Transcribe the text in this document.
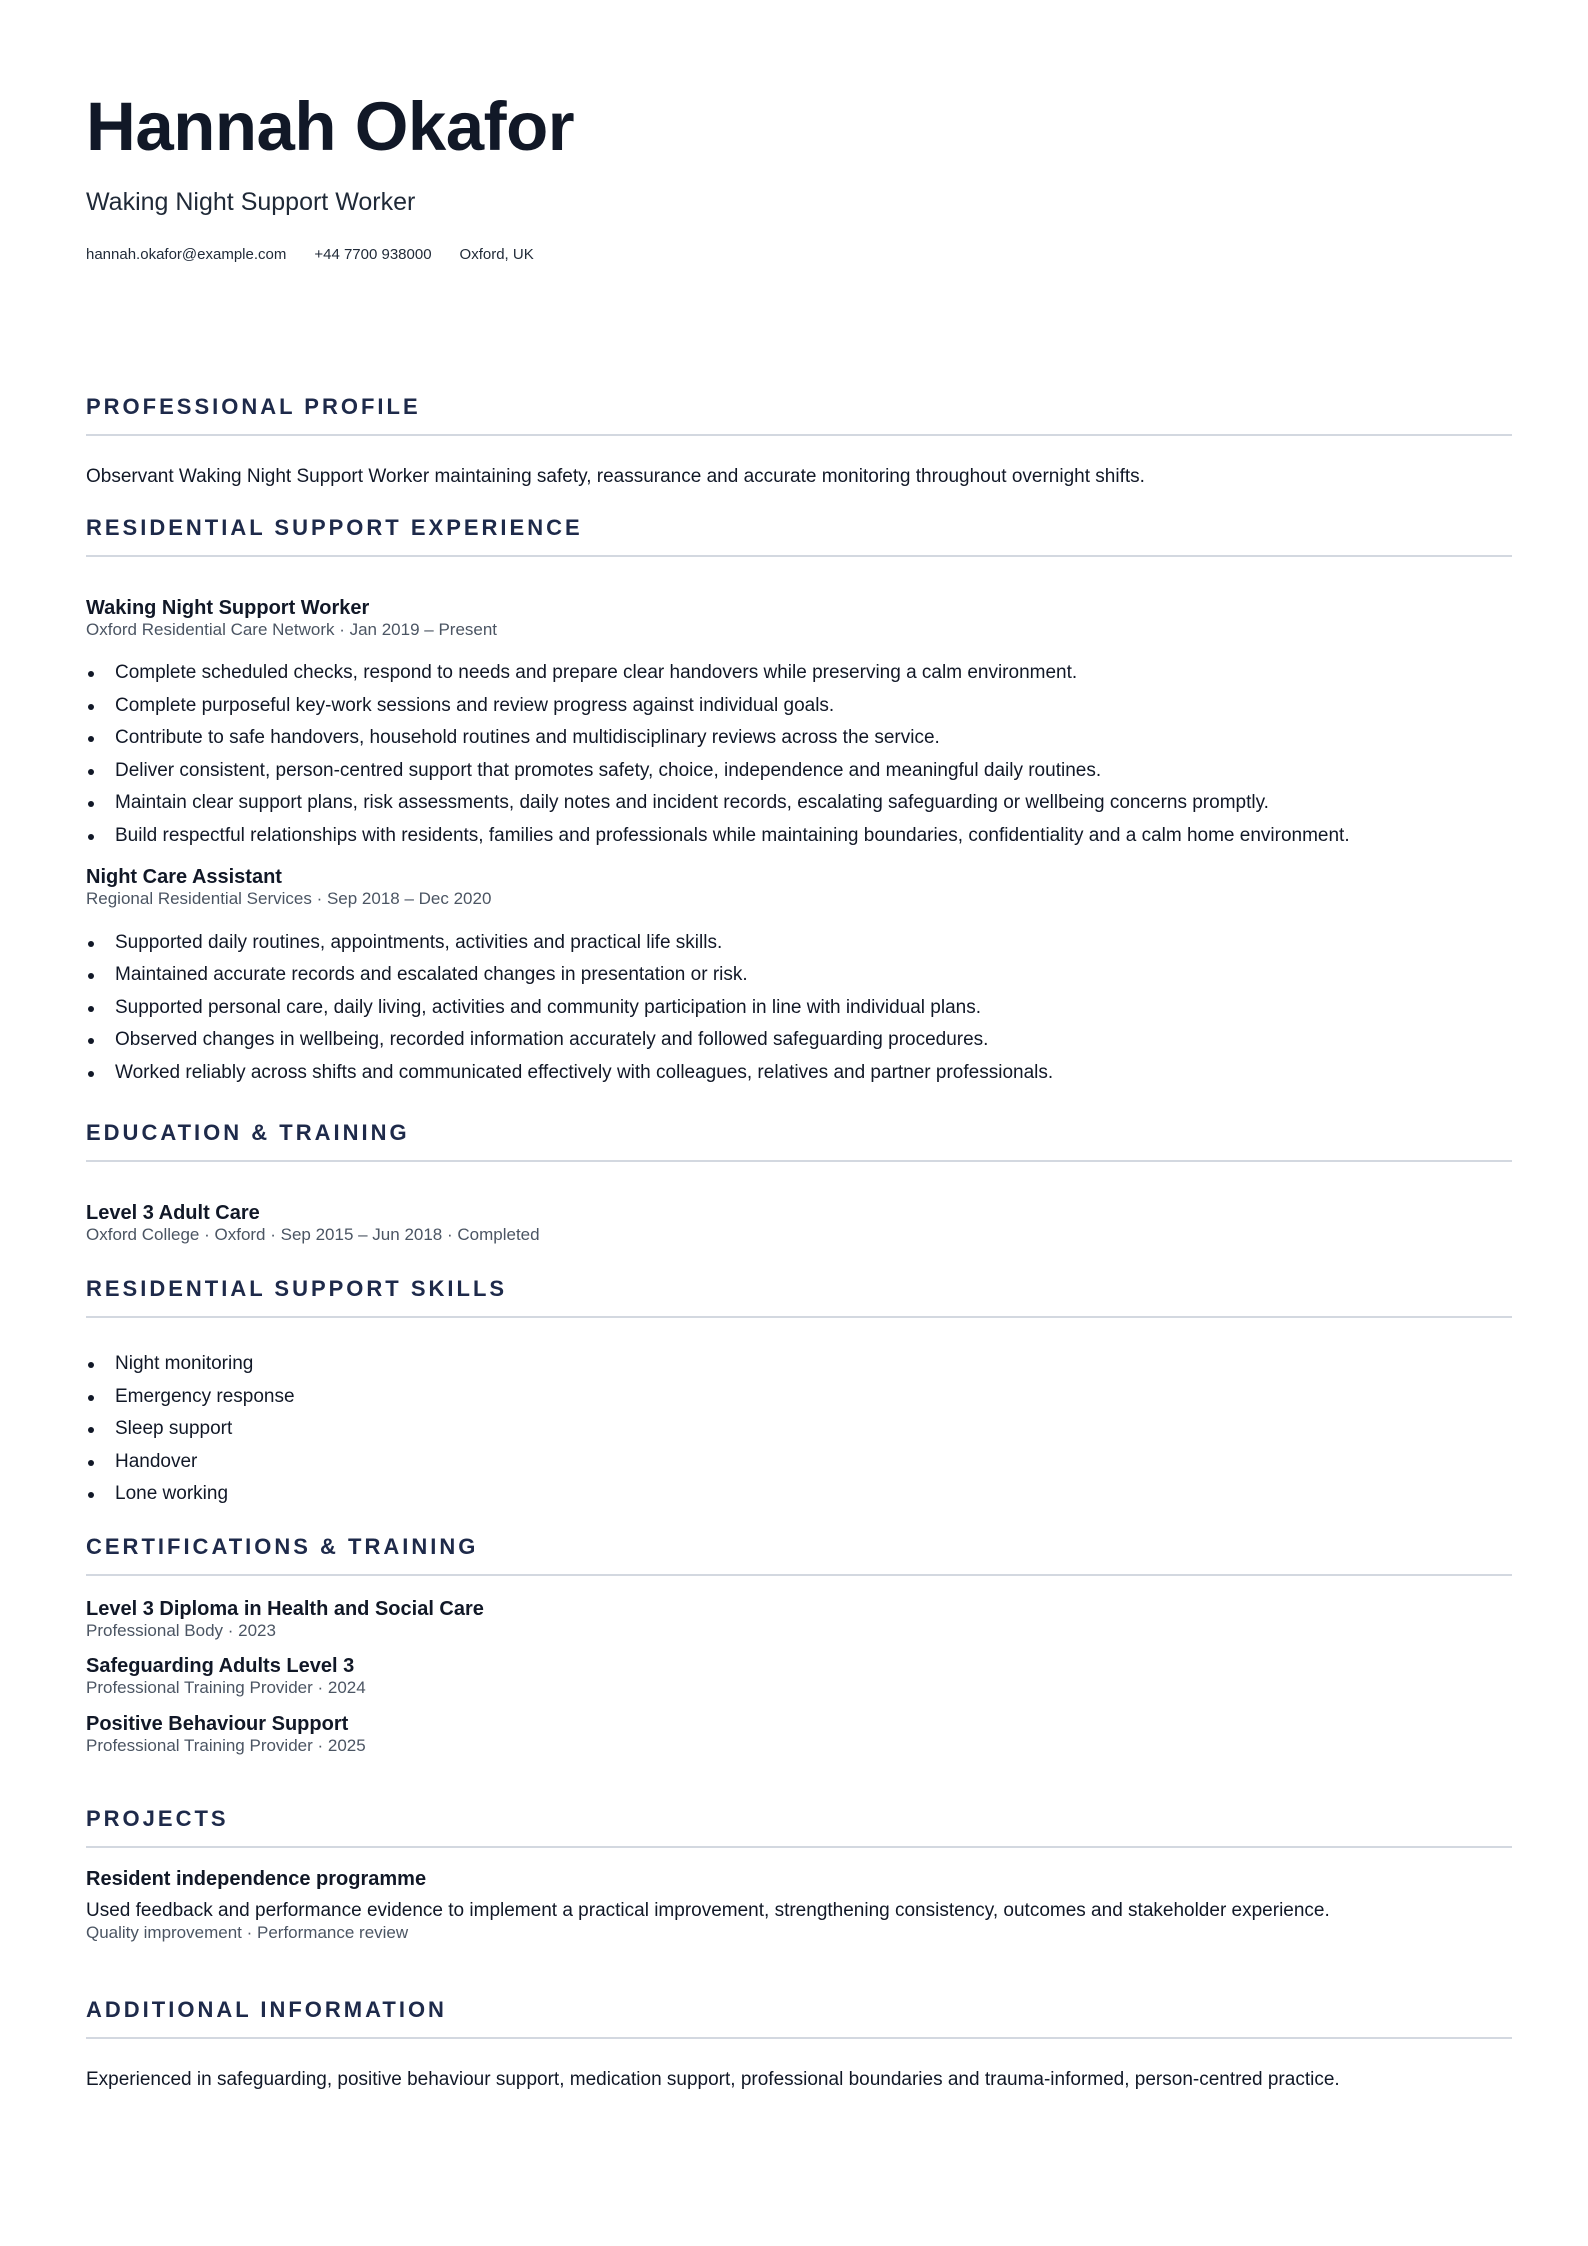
Hannah Okafor
Waking Night Support Worker
hannah.okafor@example.com +44 7700 938000 Oxford, UK
PROFESSIONAL PROFILE
Observant Waking Night Support Worker maintaining safety, reassurance and accurate monitoring throughout overnight shifts.
RESIDENTIAL SUPPORT EXPERIENCE
Waking Night Support Worker
Oxford Residential Care Network · Jan 2019 – Present
Complete scheduled checks, respond to needs and prepare clear handovers while preserving a calm environment.
Complete purposeful key-work sessions and review progress against individual goals.
Contribute to safe handovers, household routines and multidisciplinary reviews across the service.
Deliver consistent, person-centred support that promotes safety, choice, independence and meaningful daily routines.
Maintain clear support plans, risk assessments, daily notes and incident records, escalating safeguarding or wellbeing concerns promptly.
Build respectful relationships with residents, families and professionals while maintaining boundaries, confidentiality and a calm home environment.
Night Care Assistant
Regional Residential Services · Sep 2018 – Dec 2020
Supported daily routines, appointments, activities and practical life skills.
Maintained accurate records and escalated changes in presentation or risk.
Supported personal care, daily living, activities and community participation in line with individual plans.
Observed changes in wellbeing, recorded information accurately and followed safeguarding procedures.
Worked reliably across shifts and communicated effectively with colleagues, relatives and partner professionals.
EDUCATION & TRAINING
Level 3 Adult Care
Oxford College · Oxford · Sep 2015 – Jun 2018 · Completed
RESIDENTIAL SUPPORT SKILLS
Night monitoring
Emergency response
Sleep support
Handover
Lone working
CERTIFICATIONS & TRAINING
Level 3 Diploma in Health and Social Care
Professional Body · 2023
Safeguarding Adults Level 3
Professional Training Provider · 2024
Positive Behaviour Support
Professional Training Provider · 2025
PROJECTS
Resident independence programme
Used feedback and performance evidence to implement a practical improvement, strengthening consistency, outcomes and stakeholder experience.
Quality improvement · Performance review
ADDITIONAL INFORMATION
Experienced in safeguarding, positive behaviour support, medication support, professional boundaries and trauma-informed, person-centred practice.
